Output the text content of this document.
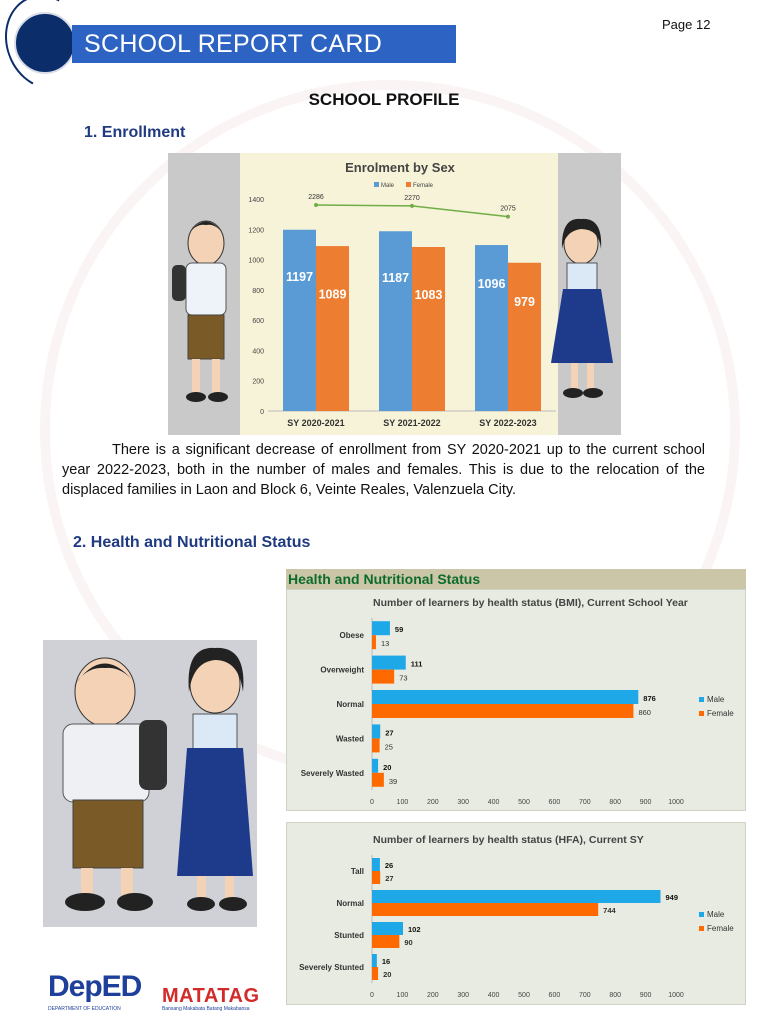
SCHOOL REPORT CARD
Page 12
SCHOOL PROFILE
1. Enrollment
Enrolment by Sex
Male	Female
0
200
400
600
800
1000
1200
1400
SY 2020-2021
1197
1089
SY 2021-2022
1187
1083
SY 2022-2023
1096
979
2286	2270
2075
There is a significant decrease of enrollment from SY 2020-2021 up to the current school year 2022-2023, both in the number of males and females. This is due to the relocation of the displaced families in Laon and Block 6, Veinte Reales, Valenzuela City.
2. Health and Nutritional Status
Health and Nutritional Status
Number of learners by health status (BMI), Current School Year
0	100	200	300	400	500	600	700	800	900 1000
Obese
59
13
Overweight
111
73
Normal
876
860
Wasted
27
25
Severely Wasted
20
39
Male
Female
Number of learners by health status (HFA), Current SY
0	100	200	300	400	500	600	700	800	900 1000
Tall
26
27
Normal
949
744
Stunted
102
90
Severely Stunted
16
20
Male
Female
DepED
DEPARTMENT OF EDUCATION
MATATAG
Bansang Makabata Batang Makabansa
